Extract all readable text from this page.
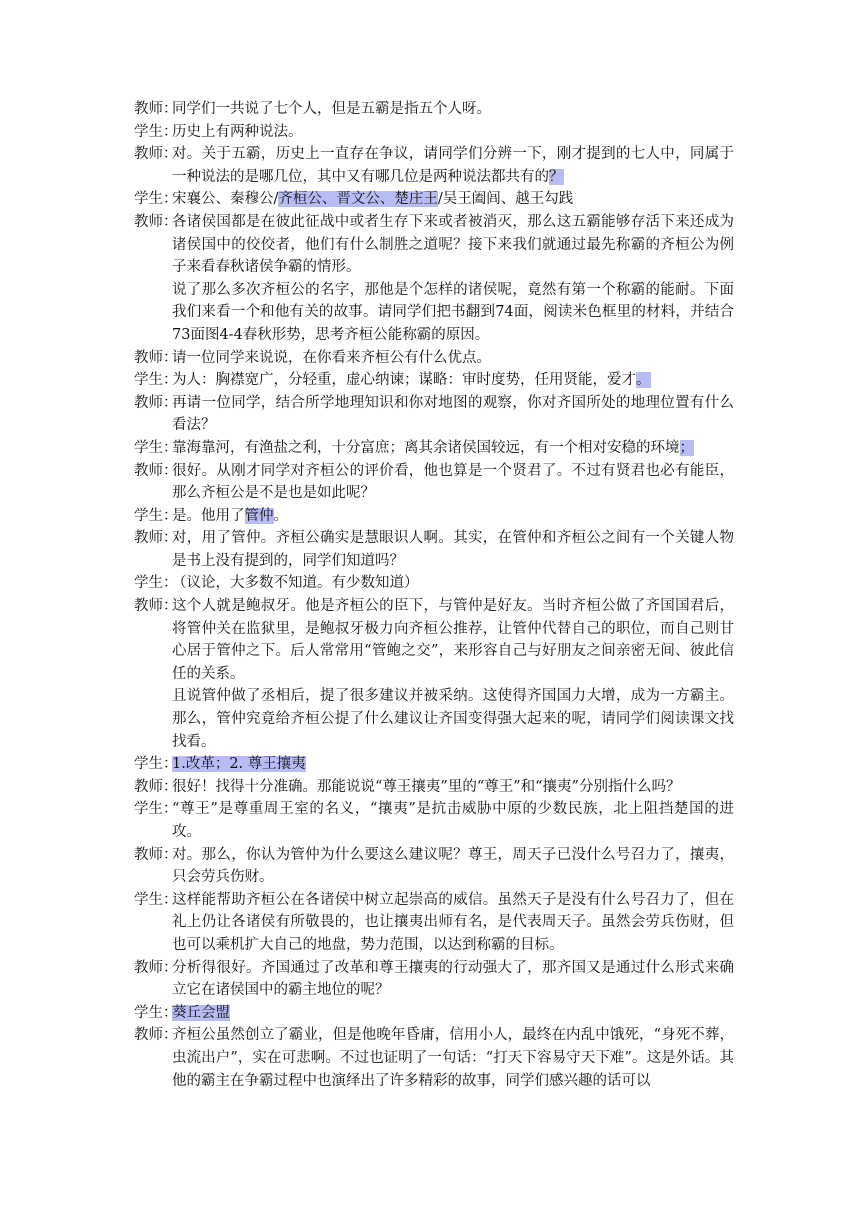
教师：

同学们一共说了七个人，但是五霸是指五个人呀。

学生：

历史上有两种说法。

教师：

对。关于五霸，历史上一直存在争议，请同学们分辨一下，刚才提到的七人中，同属于一种说法的是哪几位，其中又有哪几位是两种说法都共有的？

学生：

宋襄公、秦穆公/齐桓公、晋文公、楚庄王/吴王阖闾、越王勾践

教师：

各诸侯国都是在彼此征战中或者生存下来或者被消灭，那么这五霸能够存活下来还成为诸侯国中的佼佼者，他们有什么制胜之道呢？接下来我们就通过最先称霸的齐桓公为例子来看春秋诸侯争霸的情形。

说了那么多次齐桓公的名字，那他是个怎样的诸侯呢，竟然有第一个称霸的能耐。下面我们来看一个和他有关的故事。请同学们把书翻到74面，阅读米色框里的材料，并结合73面图4-4春秋形势，思考齐桓公能称霸的原因。

教师：

请一位同学来说说，在你看来齐桓公有什么优点。

学生：

为人：胸襟宽广，分轻重，虚心纳谏；谋略：审时度势，任用贤能，爱才。

教师：

再请一位同学，结合所学地理知识和你对地图的观察，你对齐国所处的地理位置有什么看法？

学生：

靠海靠河，有渔盐之利，十分富庶；离其余诸侯国较远，有一个相对安稳的环境；

教师：

很好。从刚才同学对齐桓公的评价看，他也算是一个贤君了。不过有贤君也必有能臣，那么齐桓公是不是也是如此呢？

学生：

是。他用了管仲。

教师：

对，用了管仲。齐桓公确实是慧眼识人啊。其实，在管仲和齐桓公之间有一个关键人物是书上没有提到的，同学们知道吗？

学生：

（议论，大多数不知道。有少数知道）

教师：

这个人就是鲍叔牙。他是齐桓公的臣下，与管仲是好友。当时齐桓公做了齐国国君后，将管仲关在监狱里，是鲍叔牙极力向齐桓公推荐，让管仲代替自己的职位，而自己则甘心居于管仲之下。后人常常用“管鲍之交”，来形容自己与好朋友之间亲密无间、彼此信任的关系。

且说管仲做了丞相后，提了很多建议并被采纳。这使得齐国国力大增，成为一方霸主。那么，管仲究竟给齐桓公提了什么建议让齐国变得强大起来的呢，请同学们阅读课文找找看。

学生：

1.改革；2. 尊王攘夷

教师：

很好！找得十分准确。那能说说“尊王攘夷”里的“尊王”和“攘夷”分别指什么吗？

学生：

“尊王”是尊重周王室的名义，“攘夷”是抗击威胁中原的少数民族，北上阻挡楚国的进攻。

教师：

对。那么，你认为管仲为什么要这么建议呢？尊王，周天子已没什么号召力了，攘夷，只会劳兵伤财。

学生：

这样能帮助齐桓公在各诸侯中树立起崇高的威信。虽然天子是没有什么号召力了，但在礼上仍让各诸侯有所敬畏的，也让攘夷出师有名，是代表周天子。虽然会劳兵伤财，但也可以乘机扩大自己的地盘，势力范围，以达到称霸的目标。

教师：

分析得很好。齐国通过了改革和尊王攘夷的行动强大了，那齐国又是通过什么形式来确立它在诸侯国中的霸主地位的呢？

学生：

葵丘会盟

教师：

齐桓公虽然创立了霸业，但是他晚年昏庸，信用小人，最终在内乱中饿死，“身死不葬，虫流出户”，实在可悲啊。不过也证明了一句话：“打天下容易守天下难”。这是外话。其他的霸主在争霸过程中也演绎出了许多精彩的故事，同学们感兴趣的话可以
